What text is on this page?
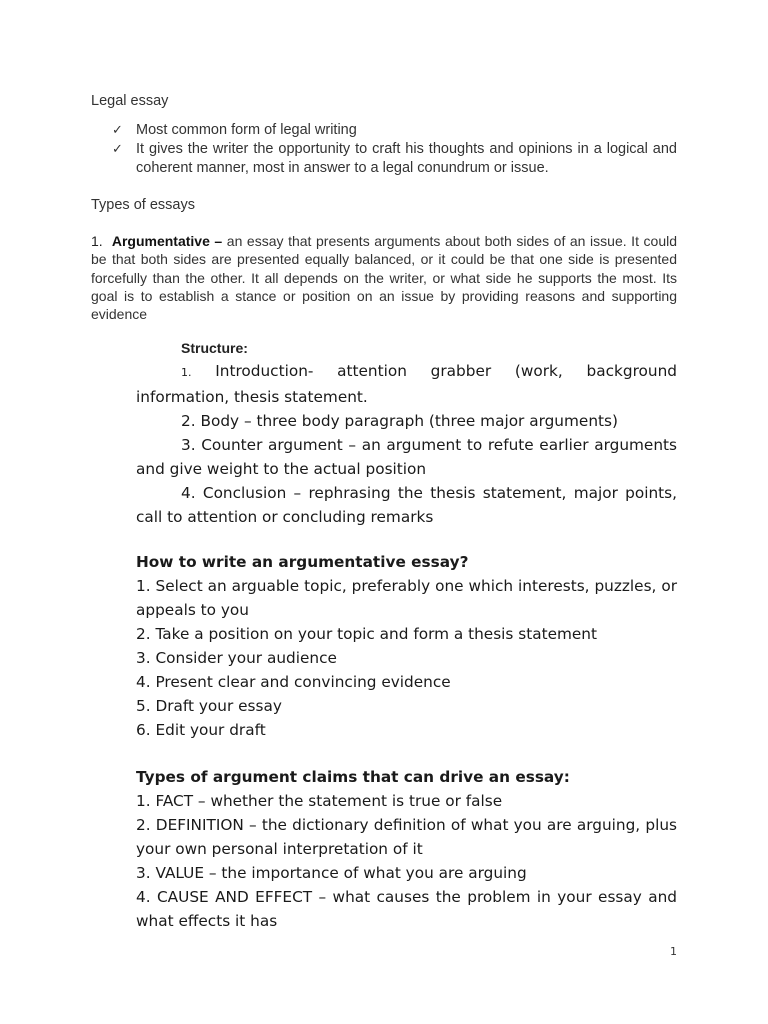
Legal essay
✓ Most common form of legal writing
✓ It gives the writer the opportunity to craft his thoughts and opinions in a logical and coherent manner, most in answer to a legal conundrum or issue.
Types of essays

1. Argumentative – an essay that presents arguments about both sides of an issue. It could be that both sides are presented equally balanced, or it could be that one side is presented forcefully than the other. It all depends on the writer, or what side he supports the most. Its goal is to establish a stance or position on an issue by providing reasons and supporting evidence

Structure:

1. Introduction- attention grabber (work, background information, thesis statement.

2. Body – three body paragraph (three major arguments)

3. Counter argument – an argument to refute earlier arguments and give weight to the actual position

4. Conclusion – rephrasing the thesis statement, major points, call to attention or concluding remarks

How to write an argumentative essay?

1. Select an arguable topic, preferably one which interests, puzzles, or appeals to you
2. Take a position on your topic and form a thesis statement
3. Consider your audience
4. Present clear and convincing evidence
5. Draft your essay
6. Edit your draft

Types of argument claims that can drive an essay:

1. FACT – whether the statement is true or false
2. DEFINITION – the dictionary definition of what you are arguing, plus your own personal interpretation of it
3. VALUE – the importance of what you are arguing
4. CAUSE AND EFFECT – what causes the problem in your essay and what effects it has
1
